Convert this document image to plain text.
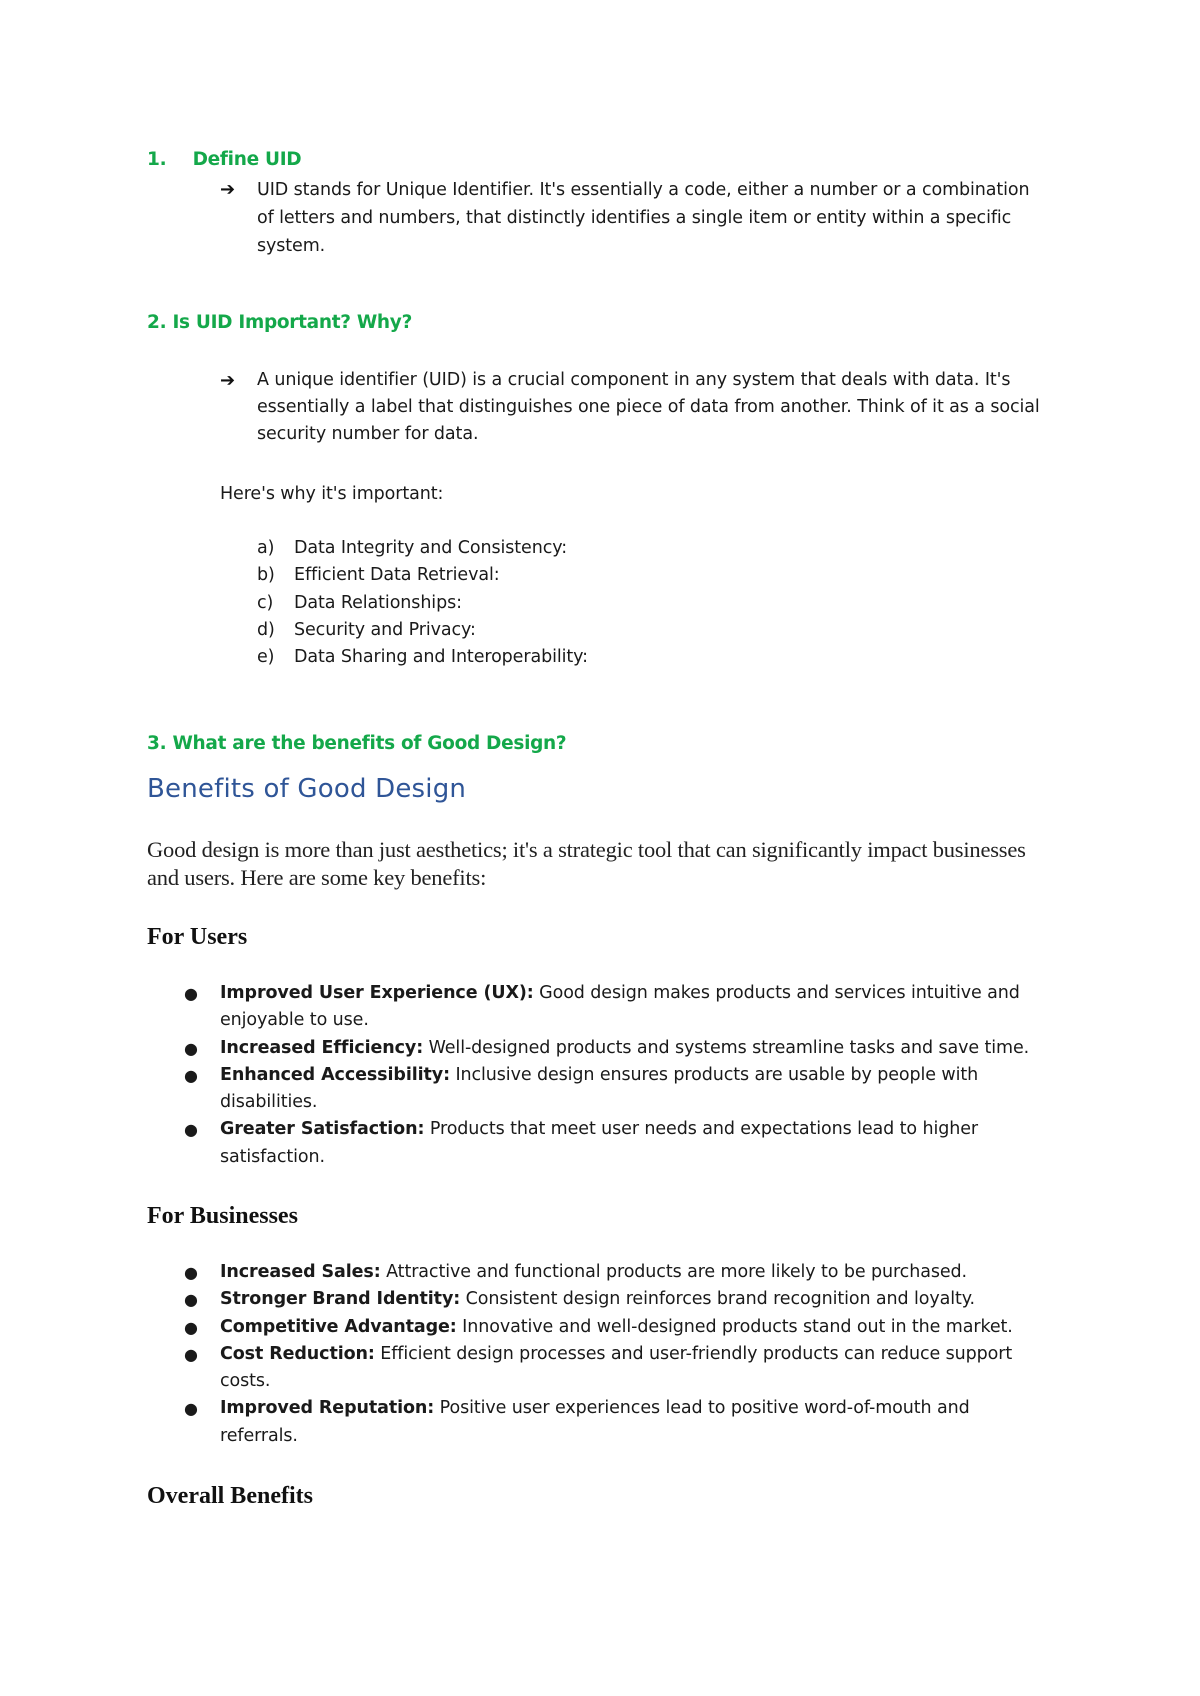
1. Define UID
➔	UID stands for Unique Identifier. It's essentially a code, either a number or a combination of letters and numbers, that distinctly identifies a single item or entity within a specific system.
2. Is UID Important? Why?
➔	A unique identifier (UID) is a crucial component in any system that deals with data. It's essentially a label that distinguishes one piece of data from another. Think of it as a social security number for data.
Here's why it's important:
a) Data Integrity and Consistency:
b) Efficient Data Retrieval:
c) Data Relationships:
d) Security and Privacy:
e) Data Sharing and Interoperability:
3. What are the benefits of Good Design?
Benefits of Good Design
Good design is more than just aesthetics; it's a strategic tool that can significantly impact businesses and users. Here are some key benefits:
For Users
● Improved User Experience (UX): Good design makes products and services intuitive and enjoyable to use.
● Increased Efficiency: Well-designed products and systems streamline tasks and save time.
● Enhanced Accessibility: Inclusive design ensures products are usable by people with disabilities.
● Greater Satisfaction: Products that meet user needs and expectations lead to higher satisfaction.
For Businesses
● Increased Sales: Attractive and functional products are more likely to be purchased.
● Stronger Brand Identity: Consistent design reinforces brand recognition and loyalty.
● Competitive Advantage: Innovative and well-designed products stand out in the market.
● Cost Reduction: Efficient design processes and user-friendly products can reduce support costs.
● Improved Reputation: Positive user experiences lead to positive word-of-mouth and referrals.
Overall Benefits
